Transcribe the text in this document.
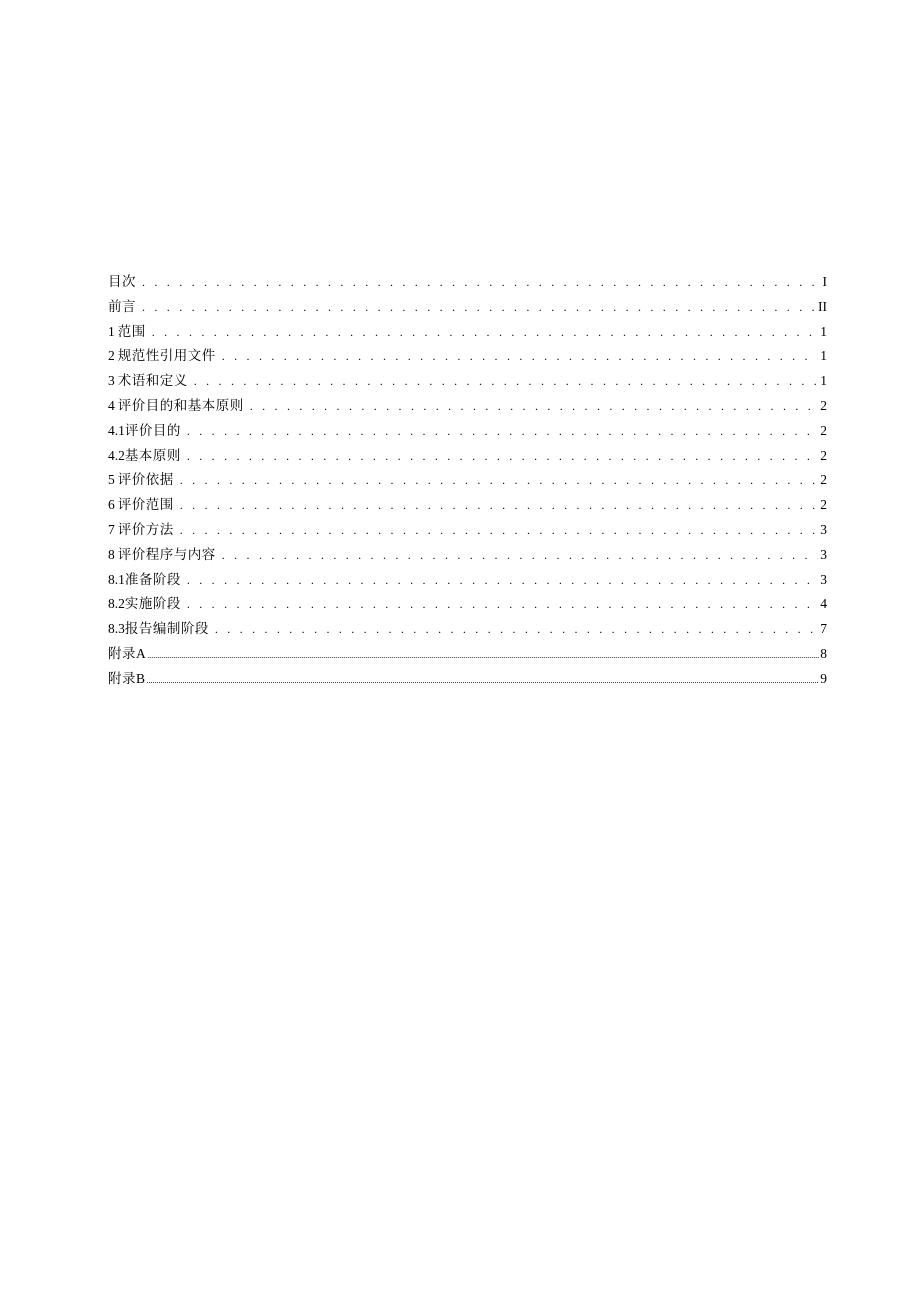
目次 . . .	I
前言 . . .	II
1 范围 . . .	1
2 规范性引用文件 . . .	1
3 术语和定义 . . .	1
4 评价目的和基本原则 . . .	2
4.1 评价目的 . . .	2
4.2 基本原则 . . .	2
5 评价依据 . . .	2
6 评价范围 . . .	2
7 评价方法 . . .	3
8 评价程序与内容 . . .	3
8.1 准备阶段 . . .	3
8.2 实施阶段 . . .	4
8.3 报告编制阶段 . . .	7
附录A .....	8
附录B .....	9
